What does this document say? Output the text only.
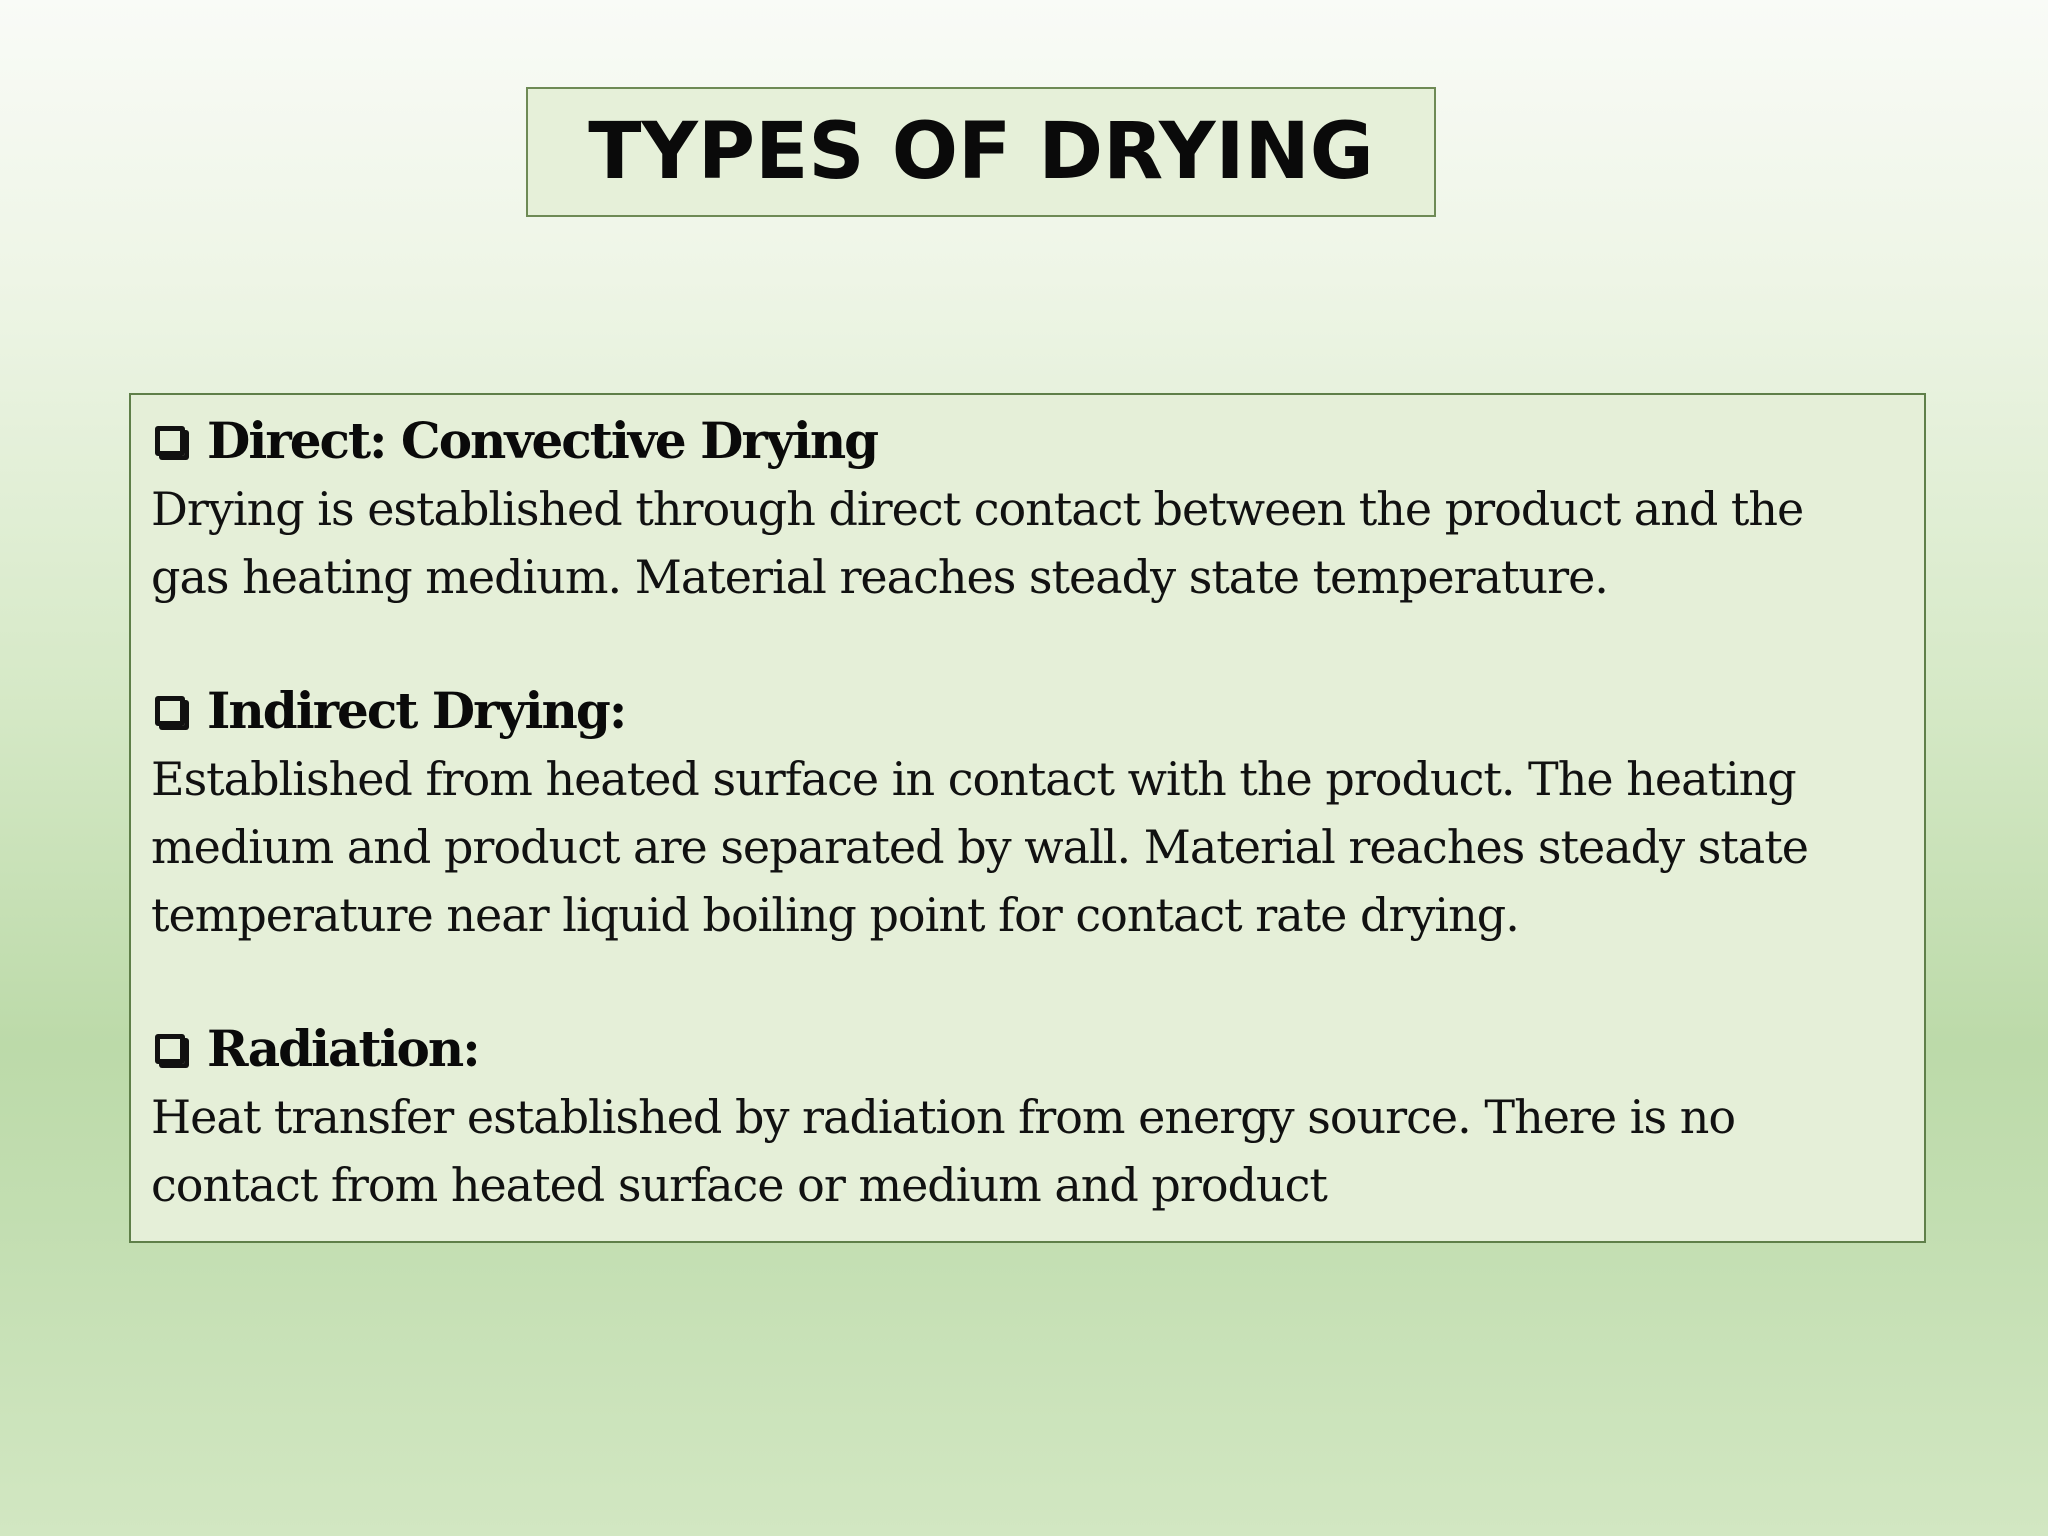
TYPES OF DRYING
Direct: Convective Drying
Drying is established through direct contact between the product and the
gas heating medium. Material reaches steady state temperature.
Indirect Drying:
Established from heated surface in contact with the product. The heating
medium and product are separated by wall. Material reaches steady state
temperature near liquid boiling point for contact rate drying.
Radiation:
Heat transfer established by radiation from energy source. There is no
contact from heated surface or medium and product
